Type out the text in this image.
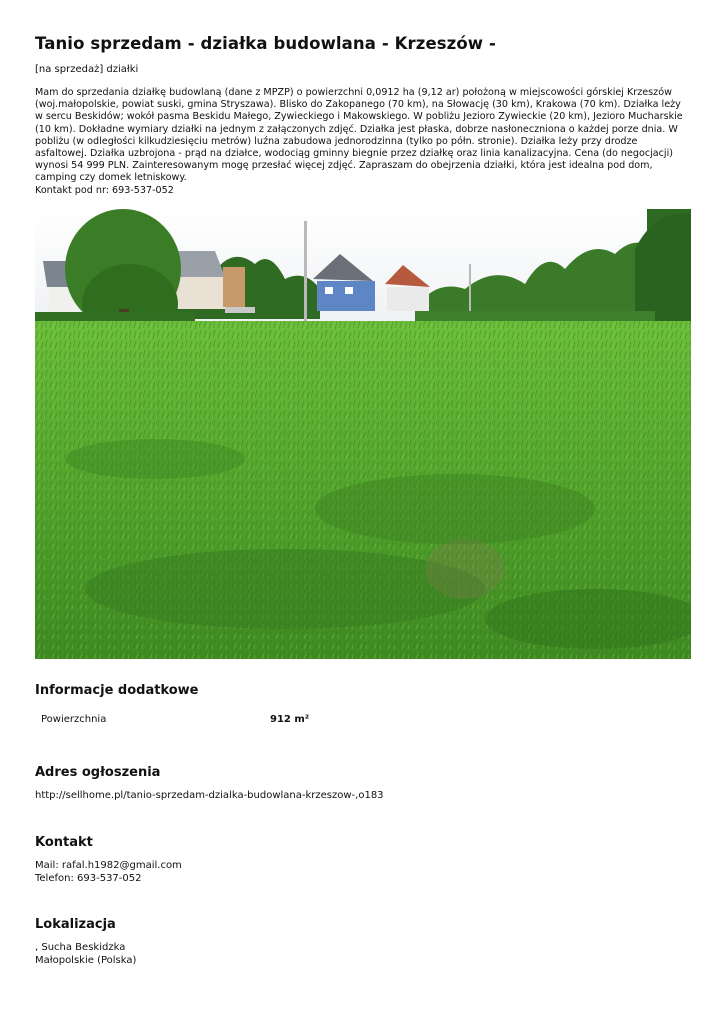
Tanio sprzedam - działka budowlana - Krzeszów -
[na sprzedaż] działki

Mam do sprzedania działkę budowlaną (dane z MPZP) o powierzchni 0,0912 ha (9,12 ar) położoną w miejscowości górskiej Krzeszów (woj.małopolskie, powiat suski, gmina Stryszawa). Blisko do Zakopanego (70 km), na Słowację (30 km), Krakowa (70 km). Działka leży w sercu Beskidów; wokół pasma Beskidu Małego, Zywieckiego i Makowskiego. W pobliżu Jezioro Zywieckie (20 km), Jezioro Mucharskie (10 km). Dokładne wymiary działki na jednym z załączonych zdjęć. Działka jest płaska, dobrze nasłoneczniona o każdej porze dnia. W pobliżu (w odległości kilkudziesięciu metrów) luźna zabudowa jednorodzinna (tylko po półn. stronie). Działka leży przy drodze asfaltowej. Działka uzbrojona - prąd na działce, wodociąg gminny biegnie przez działkę oraz linia kanalizacyjna. Cena (do negocjacji) wynosi 54 999 PLN. Zainteresowanym mogę przesłać więcej zdjęć. Zapraszam do obejrzenia działki, która jest idealna pod dom, camping czy domek letniskowy.

Kontakt pod nr: 693-537-052

Informacje dodatkowe
Powierzchnia	912 m²
Adres ogłoszenia
http://sellhome.pl/tanio-sprzedam-dzialka-budowlana-krzeszow-,o183
Kontakt
Mail: rafal.h1982@gmail.com
Telefon: 693-537-052
Lokalizacja
, Sucha Beskidzka
Małopolskie (Polska)
